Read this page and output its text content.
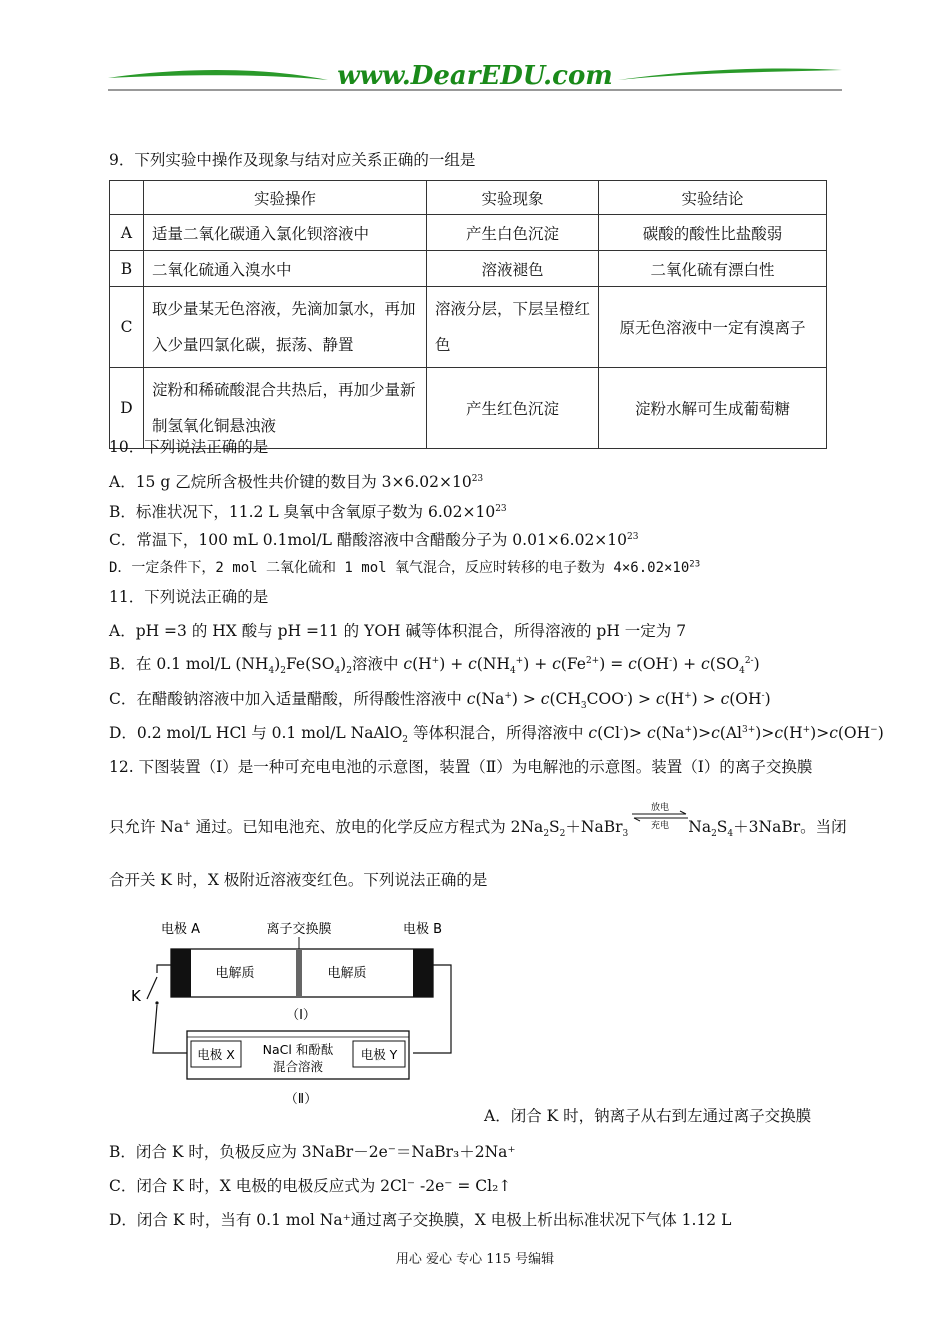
www.DearEDU.com
9．下列实验中操作及现象与结对应关系正确的一组是
	实验操作	实验现象	实验结论
A	适量二氧化碳通入氯化钡溶液中	产生白色沉淀	碳酸的酸性比盐酸弱
B	二氧化硫通入溴水中	溶液褪色	二氧化硫有漂白性
C	取少量某无色溶液，先滴加氯水，再加入少量四氯化碳，振荡、静置	溶液分层，下层呈橙红色	原无色溶液中一定有溴离子
D	淀粉和稀硫酸混合共热后，再加少量新制氢氧化铜悬浊液	产生红色沉淀	淀粉水解可生成葡萄糖
10．下列说法正确的是
A．15 g 乙烷所含极性共价键的数目为 $3\times 6.02\times 10^{23}$
B．标准状况下，11.2 L 臭氧中含氧原子数为 $6.02\times 10^{23}$
C．常温下，100 mL 0.1mol/L 醋酸溶液中含醋酸分子为 $0.01\times 6.02\times 10^{23}$
D．一定条件下，2 mol 二氧化硫和 1 mol 氧气混合，反应时转移的电子数为 $4\times 6.02\times 10^{23}$
11．下列说法正确的是
A．pH =3 的 HX 酸与 pH =11 的 YOH 碱等体积混合，所得溶液的 pH 一定为 7
B．在 0.1 mol/L $(NH_4)_2Fe(SO_4)_2$溶液中 $c(H^+) + c(NH_4^+) + c(Fe^{2+}) = c(OH^-) + c(SO_4^{2-})$
C．在醋酸钠溶液中加入适量醋酸，所得酸性溶液中 $c(Na^+) > c(CH_3COO^-) > c(H^+) > c(OH^-)$
D．0.2 mol/L HCl 与 0.1 mol/L NaAlO$_2$ 等体积混合，所得溶液中 $c(Cl^-)> c(Na^+)>c(Al^{3+})>c(H^+)>c(OH^-)$
12. 下图装置（Ⅰ）是一种可充电电池的示意图，装置（Ⅱ）为电解池的示意图。装置（Ⅰ）的离子交换膜
只允许 Na+ 通过。已知电池充、放电的化学反应方程式为 $2Na_2S_2+NaBr_3$	$Na_2S_4+3NaBr$。当闭
放电
充电
合开关 K 时，X 极附近溶液变红色。下列说法正确的是
电极 A	离子交换膜	电极 B
电解质	电解质
（Ⅰ）
K
电极 X	电极 Y
NaCl 和酚酞
混合溶液
（Ⅱ）
A．闭合 K 时，钠离子从右到左通过离子交换膜
B．闭合 K 时，负极反应为 3NaBr－2e⁻＝NaBr₃＋2Na⁺
C．闭合 K 时，X 电极的电极反应式为 2Cl⁻ -2e⁻ = Cl₂↑
D．闭合 K 时，当有 0.1 mol Na⁺通过离子交换膜，X 电极上析出标准状况下气体 1.12 L
用心 爱心 专心 115 号编辑
